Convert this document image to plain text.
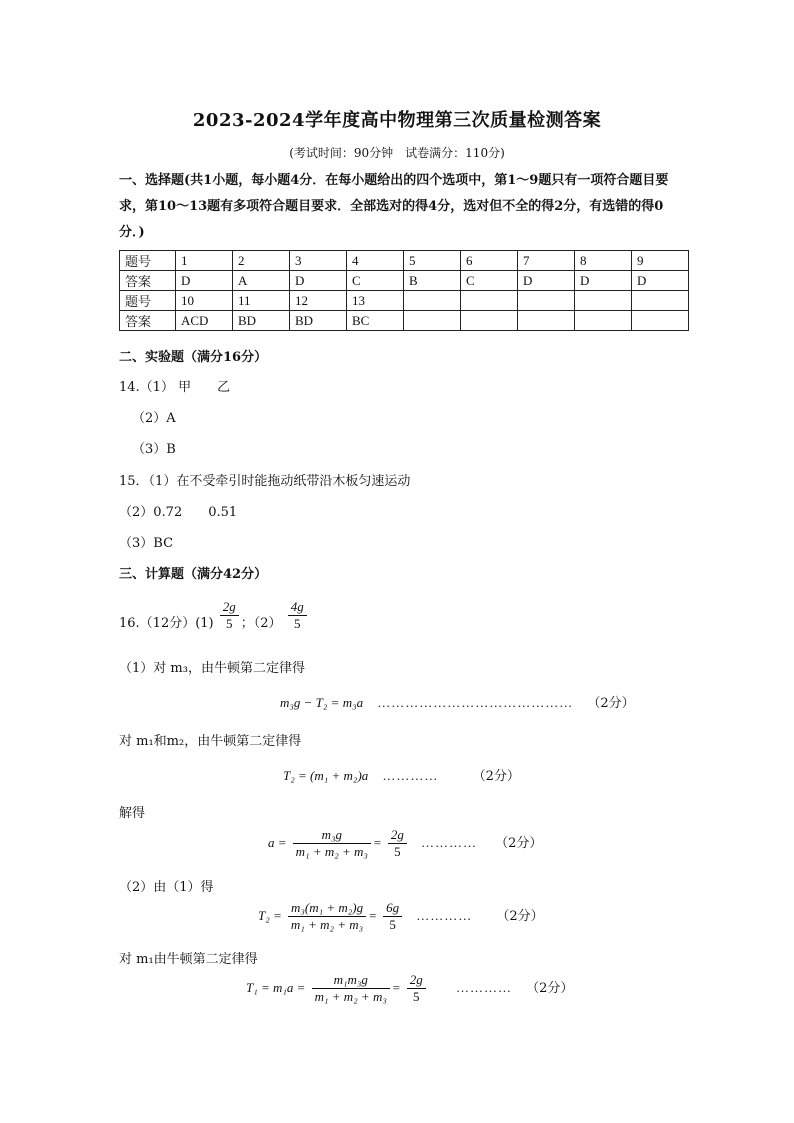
2023-2024学年度高中物理第三次质量检测答案
(考试时间：90分钟　试卷满分：110分)
一、选择题(共1小题，每小题4分．在每小题给出的四个选项中，第1～9题只有一项符合题目要求，第10～13题有多项符合题目要求．全部选对的得4分，选对但不全的得2分，有选错的得0分．)
题号	1	2	3	4	5	6	7	8	9
答案	D	A	D	C	B	C	D	D	D
题号	10	11	12	13					
答案	ACD	BD	BD	BC					
二、实验题（满分16分）
14.（1） 甲　　乙
（2）A
（3）B
15．（1）在不受牵引时能拖动纸带沿木板匀速运动
（2）0.72　　0.51
（3）BC
三、计算题（满分42分）
16.（12分）$(1) \frac{2g}{5}$ ；$(2) \frac{4g}{5}$
（1）对 m₃，由牛顿第二定律得
m₃g − T₂ = m₃a …………………………………… （2分）
对 m₁和m₂，由牛顿第二定律得
T₂ = (m₁ + m₂)a …………	（2分）
解得
$a = \frac{\text{m₃g}}{\text{m₁ + m₂ + m₃}} = \frac{2g}{5}$ ………… （2分）
（2）由（1）得
$T_2 = \frac{\text{m₃(m₁ + m₂)g}}{\text{m₁ + m₂ + m₃}} = \frac{6g}{5}$ ………… （2分）
对 m₁由牛顿第二定律得
$T_1 = m_1a = \frac{\text{m₁m₃g}}{\text{m₁ + m₂ + m₃}} = \frac{2g}{5}$ ………… （2分）
